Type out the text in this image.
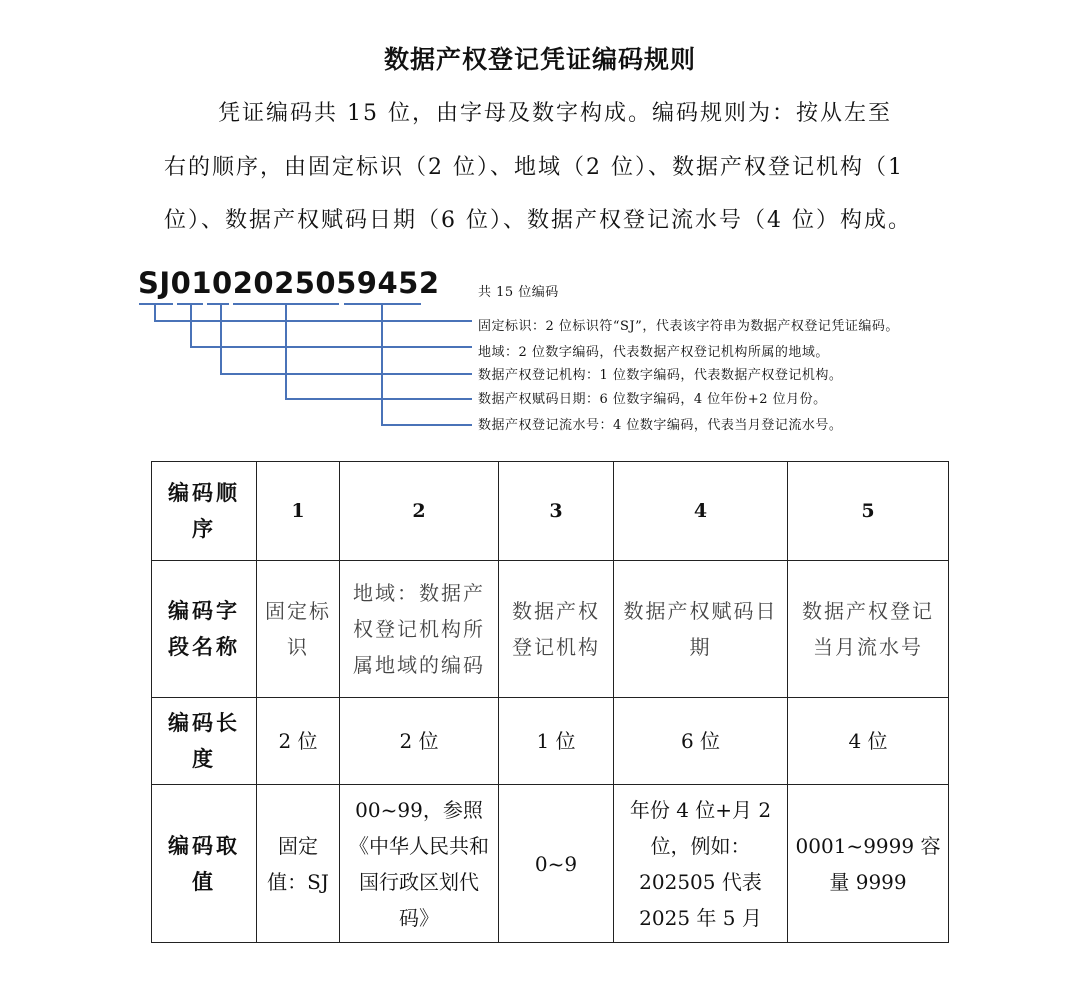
数据产权登记凭证编码规则
凭证编码共 15 位，由字母及数字构成。编码规则为：按从左至
右的顺序，由固定标识（2 位）、地域（2 位）、数据产权登记机构（1
位）、数据产权赋码日期（6 位）、数据产权登记流水号（4 位）构成。
SJ0102025059452	共 15 位编码
固定标识：2 位标识符“SJ”，代表该字符串为数据产权登记凭证编码。
地域：2 位数字编码，代表数据产权登记机构所属的地域。
数据产权登记机构：1 位数字编码，代表数据产权登记机构。
数据产权赋码日期：6 位数字编码，4 位年份+2 位月份。
数据产权登记流水号：4 位数字编码，代表当月登记流水号。
编码顺序	1	2	3	4	5
编码字段名称	固定标识	地域：数据产权登记机构所属地域的编码	数据产权登记机构	数据产权赋码日期	数据产权登记当月流水号
编码长度	2 位	2 位	1 位	6 位	4 位
编码取值	固定值：SJ	00~99，参照《中华人民共和国行政区划代码》	0~9	年份 4 位+月 2 位，例如：202505 代表 2025 年 5 月	0001~9999 容量 9999
